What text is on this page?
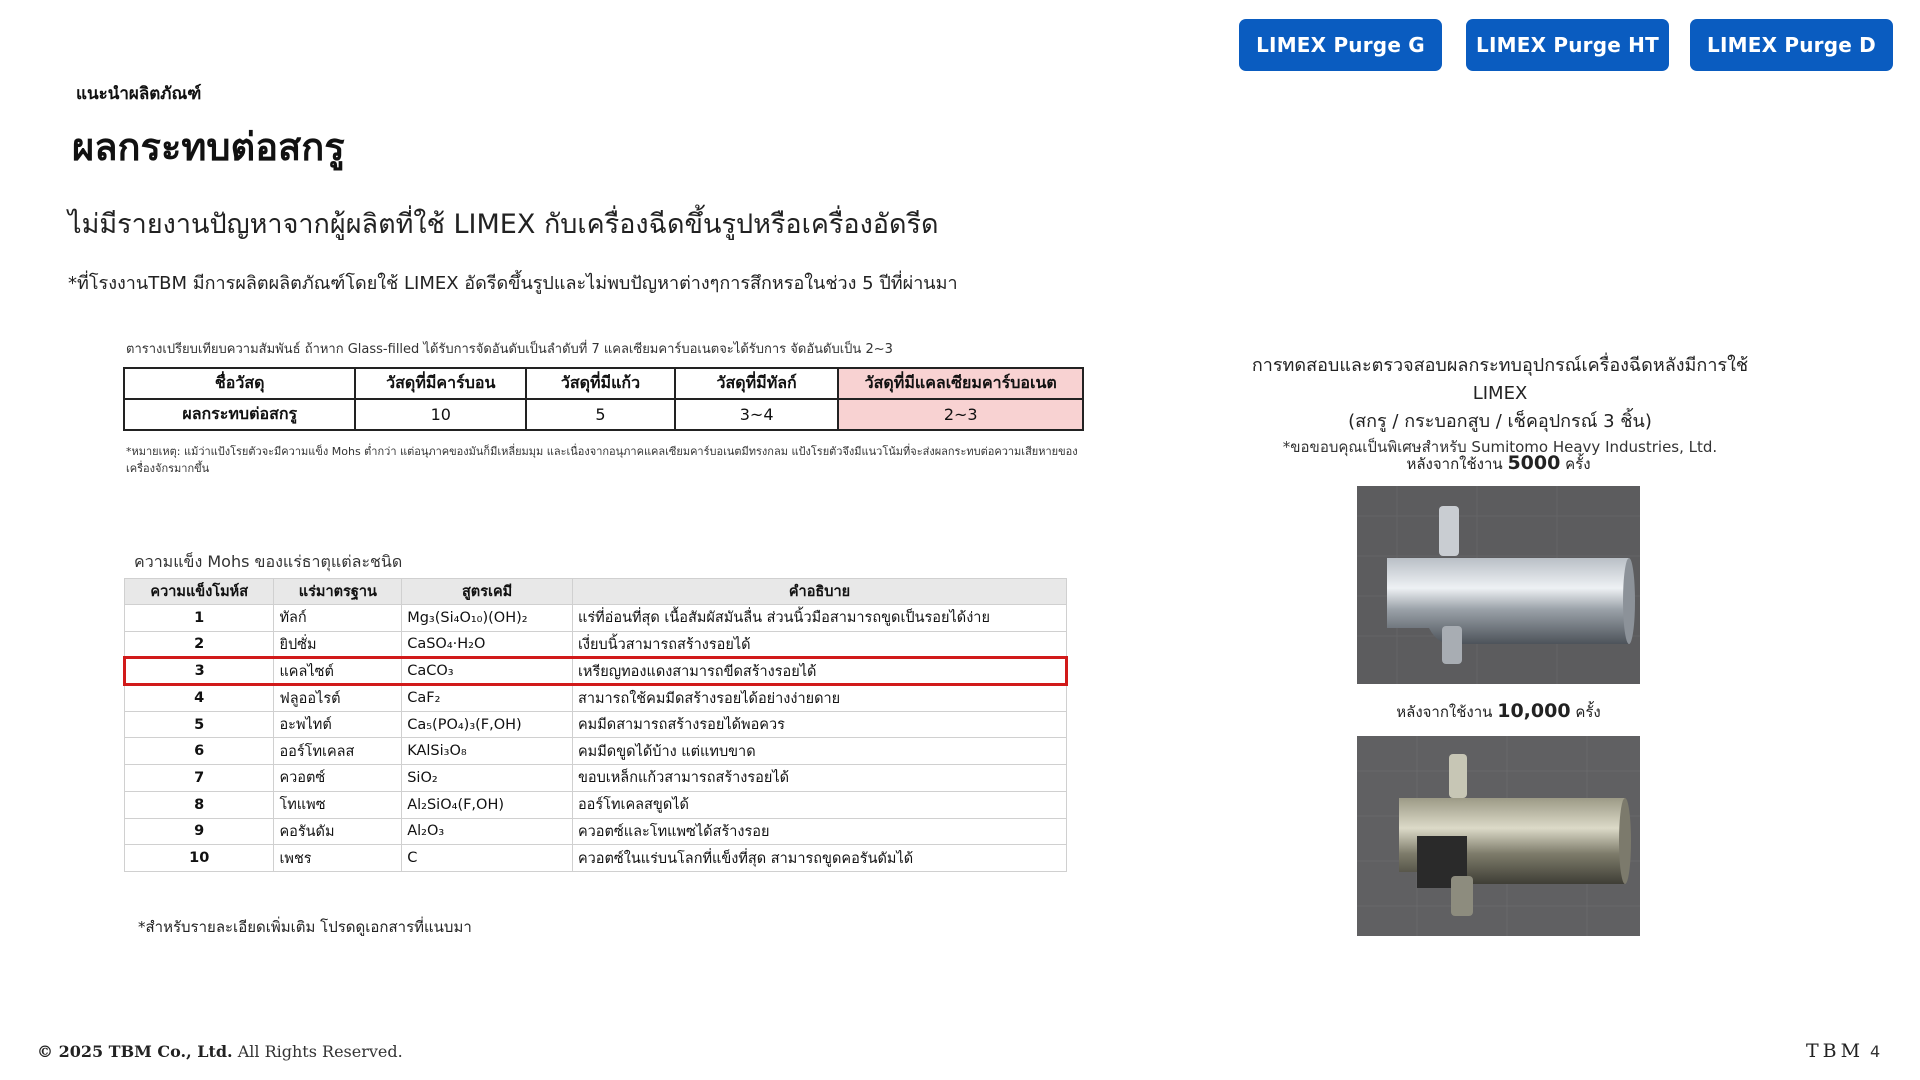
LIMEX Purge G	LIMEX Purge HT	LIMEX Purge D
แนะนำผลิตภัณฑ์
ผลกระทบต่อสกรู
ไม่มีรายงานปัญหาจากผู้ผลิตที่ใช้ LIMEX กับเครื่องฉีดขึ้นรูปหรือเครื่องอัดรีด
*ที่โรงงานTBM มีการผลิตผลิตภัณฑ์โดยใช้ LIMEX อัดรีดขึ้นรูปและไม่พบปัญหาต่างๆการสึกหรอในช่วง 5 ปีที่ผ่านมา
ตารางเปรียบเทียบความสัมพันธ์ ถ้าหาก Glass-filled ได้รับการจัดอันดับเป็นลำดับที่ 7 แคลเซียมคาร์บอเนตจะได้รับการ จัดอันดับเป็น 2~3
ชื่อวัสดุ	วัสดุที่มีคาร์บอน	วัสดุที่มีแก้ว	วัสดุที่มีทัลก์	วัสดุที่มีแคลเซียมคาร์บอเนต
ผลกระทบต่อสกรู	10	5	3~4	2~3
*หมายเหตุ: แม้ว่าแป้งโรยตัวจะมีความแข็ง Mohs ต่ำกว่า แต่อนุภาคของมันก็มีเหลี่ยมมุม และเนื่องจากอนุภาคแคลเซียมคาร์บอเนตมีทรงกลม แป้งโรยตัวจึงมีแนวโน้มที่จะส่งผลกระทบต่อความเสียหายของเครื่องจักรมากขึ้น
ความแข็ง Mohs ของแร่ธาตุแต่ละชนิด
ความแข็งโมห์ส	แร่มาตรฐาน	สูตรเคมี	คำอธิบาย
1	ทัลก์	Mg₃(Si₄O₁₀)(OH)₂	แร่ที่อ่อนที่สุด เนื้อสัมผัสมันลื่น ส่วนนิ้วมือสามารถขูดเป็นรอยได้ง่าย
2	ยิปซั่ม	CaSO₄·H₂O	เงี่ยบนิ้วสามารถสร้างรอยได้
3	แคลไซต์	CaCO₃	เหรียญทองแดงสามารถขีดสร้างรอยได้
4	ฟลูออไรต์	CaF₂	สามารถใช้คมมีดสร้างรอยได้อย่างง่ายดาย
5	อะพไทต์	Ca₅(PO₄)₃(F,OH)	คมมีดสามารถสร้างรอยได้พอควร
6	ออร์โทเคลส	KAlSi₃O₈	คมมีดขูดได้บ้าง แต่แทบขาด
7	ควอตซ์	SiO₂	ขอบเหล็กแก้วสามารถสร้างรอยได้
8	โทแพซ	Al₂SiO₄(F,OH)	ออร์โทเคลสขูดได้
9	คอรันดัม	Al₂O₃	ควอตซ์และโทแพซได้สร้างรอย
10	เพชร	C	ควอตซ์ในแร่บนโลกที่แข็งที่สุด สามารถขูดคอรันดัมได้
*สำหรับรายละเอียดเพิ่มเติม โปรดดูเอกสารที่แนบมา
การทดสอบและตรวจสอบผลกระทบอุปกรณ์เครื่องฉีดหลังมีการใช้ LIMEX
(สกรู / กระบอกสูบ / เช็คอุปกรณ์ 3 ชิ้น)
*ขอขอบคุณเป็นพิเศษสำหรับ Sumitomo Heavy Industries, Ltd.
หลังจากใช้งาน 5000 ครั้ง
หลังจากใช้งาน 10,000 ครั้ง
© 2025 TBM Co., Ltd. All Rights Reserved.	TBM 4
